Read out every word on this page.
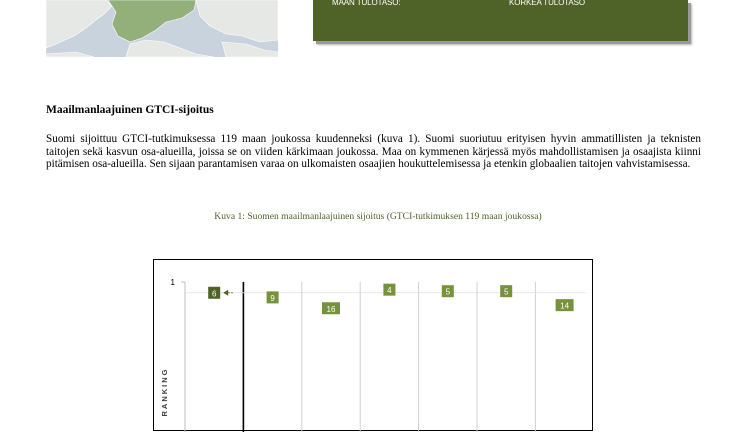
MAAN TULOTASO:	KORKEA TULOTASO
Maailmanlaajuinen GTCI-sijoitus
Suomi sijoittuu GTCI-tutkimuksessa 119 maan joukossa kuudenneksi (kuva 1). Suomi suoriutuu erityisen hyvin ammatillisten ja teknisten taitojen sekä kasvun osa-alueilla, joissa se on viiden kärkimaan joukossa. Maa on kymmenen kärjessä myös mahdollistamisen ja osaajista kiinni pitämisen osa-alueilla. Sen sijaan parantamisen varaa on ulkomaisten osaajien houkuttelemisessa ja etenkin globaalien taitojen vahvistamisessa.
Kuva 1: Suomen maailmanlaajuinen sijoitus (GTCI-tutkimuksen 119 maan joukossa)
1
RANKING
6
9
16
4	5	5
14
